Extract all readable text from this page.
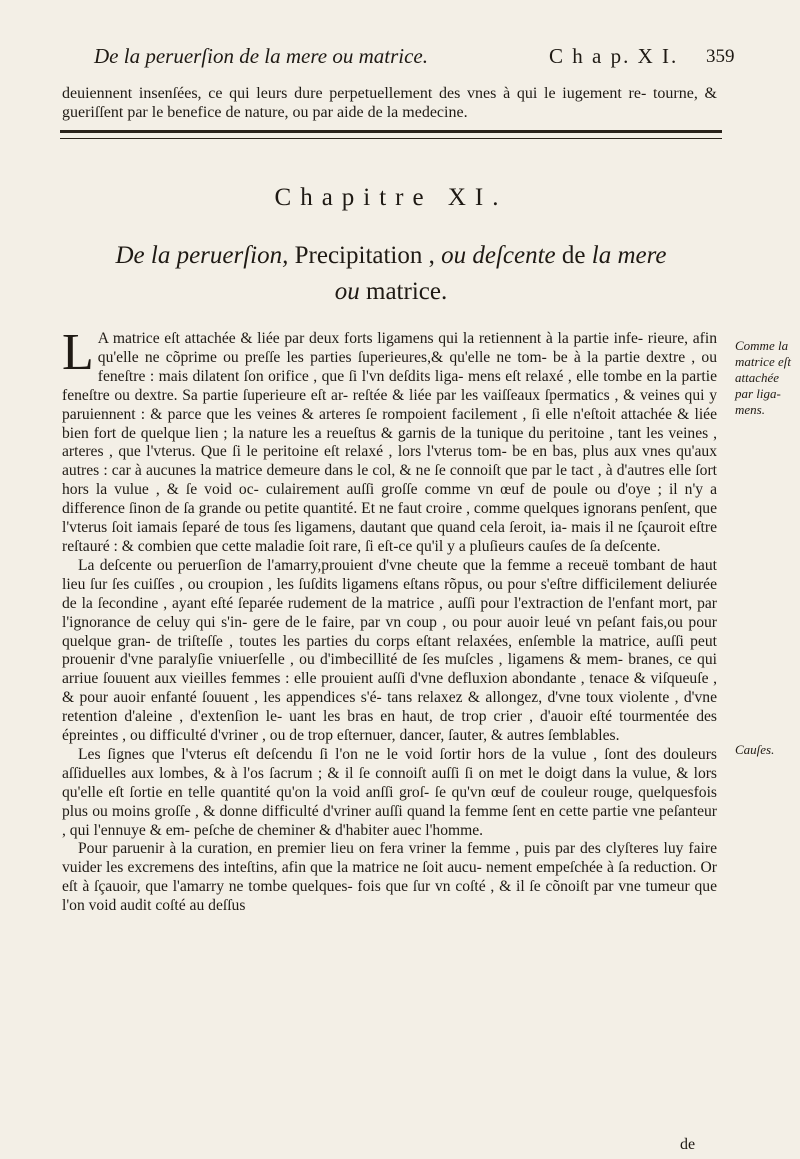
De la peruerſion de la mere ou matrice.	C h a p. X I. 359
deuiennent insenſées, ce qui leurs dure perpetuellement des vnes à qui le iugement re- tourne, & gueriſſent par le benefice de nature, ou par aide de la medecine.
Chapitre XI.
De la peruerſion, Precipitation , ou deſcente de la mere
ou matrice.

L A matrice eſt attachée & liée par deux forts ligamens qui la retiennent à la partie infe- rieure, afin qu'elle ne cõprime ou preſſe les parties ſuperieures,& qu'elle ne tom- be à la partie dextre , ou feneſtre : mais dilatent ſon orifice , que ſi l'vn deſdits liga- mens eſt relaxé , elle tombe en la partie feneſtre ou dextre. Sa partie ſuperieure eſt ar- reſtée & liée par les vaiſſeaux ſpermatics , & veines qui y paruiennent : & parce que les veines & arteres ſe rompoient facilement , ſi elle n'eſtoit attachée & liée bien fort de quelque lien ; la nature les a reueſtus & garnis de la tunique du peritoine , tant les veines , arteres , que l'vterus. Que ſi le peritoine eſt relaxé , lors l'vterus tom- be en bas, plus aux vnes qu'aux autres : car à aucunes la matrice demeure dans le col, & ne ſe connoiſt que par le tact , à d'autres elle ſort hors la vulue , & ſe void oc- culairement auſſi groſſe comme vn œuf de poule ou d'oye ; il n'y a difference ſinon de ſa grande ou petite quantité. Et ne faut croire , comme quelques ignorans penſent, que l'vterus ſoit iamais ſeparé de tous ſes ligamens, dautant que quand cela ſeroit, ia- mais il ne ſçauroit eſtre reſtauré : & combien que cette maladie ſoit rare, ſi eſt-ce qu'il y a pluſieurs cauſes de ſa deſcente.

La deſcente ou peruerſion de l'amarry,prouient d'vne cheute que la femme a receuë tombant de haut lieu ſur ſes cuiſſes , ou croupion , les ſuſdits ligamens eſtans rõpus, ou pour s'eſtre difficilement deliurée de la ſecondine , ayant eſté ſeparée rudement de la matrice , auſſi pour l'extraction de l'enfant mort, par l'ignorance de celuy qui s'in- gere de le faire, par vn coup , ou pour auoir leué vn peſant fais,ou pour quelque gran- de triſteſſe , toutes les parties du corps eſtant relaxées, enſemble la matrice, auſſi peut prouenir d'vne paralyſie vniuerſelle , ou d'imbecillité de ſes muſcles , ligamens & mem- branes, ce qui arriue ſouuent aux vieilles femmes : elle prouient auſſi d'vne defluxion abondante , tenace & viſqueuſe , & pour auoir enfanté ſouuent , les appendices s'é- tans relaxez & allongez, d'vne toux violente , d'vne retention d'aleine , d'extenſion le- uant les bras en haut, de trop crier , d'auoir eſté tourmentée des épreintes , ou difficulté d'vriner , ou de trop eſternuer, dancer, ſauter, & autres ſemblables.

Les ſignes que l'vterus eſt deſcendu ſi l'on ne le void ſortir hors de la vulue , ſont des douleurs aſſiduelles aux lombes, & à l'os ſacrum ; & il ſe connoiſt auſſi ſi on met le doigt dans la vulue, & lors qu'elle eſt ſortie en telle quantité qu'on la void anſſi groſ- ſe qu'vn œuf de couleur rouge, quelquesfois plus ou moins groſſe , & donne difficulté d'vriner auſſi quand la femme ſent en cette partie vne peſanteur , qui l'ennuye & em- peſche de cheminer & d'habiter auec l'homme.

Pour paruenir à la curation, en premier lieu on fera vriner la femme , puis par des clyſteres luy faire vuider les excremens des inteſtins, afin que la matrice ne ſoit aucu- nement empeſchée à ſa reduction. Or eſt à ſçauoir, que l'amarry ne tombe quelques- fois que ſur vn coſté , & il ſe cõnoiſt par vne tumeur que l'on void audit coſté au deſſus

Comme la matrice eſt attachée par liga- mens.
Cauſes.
de
